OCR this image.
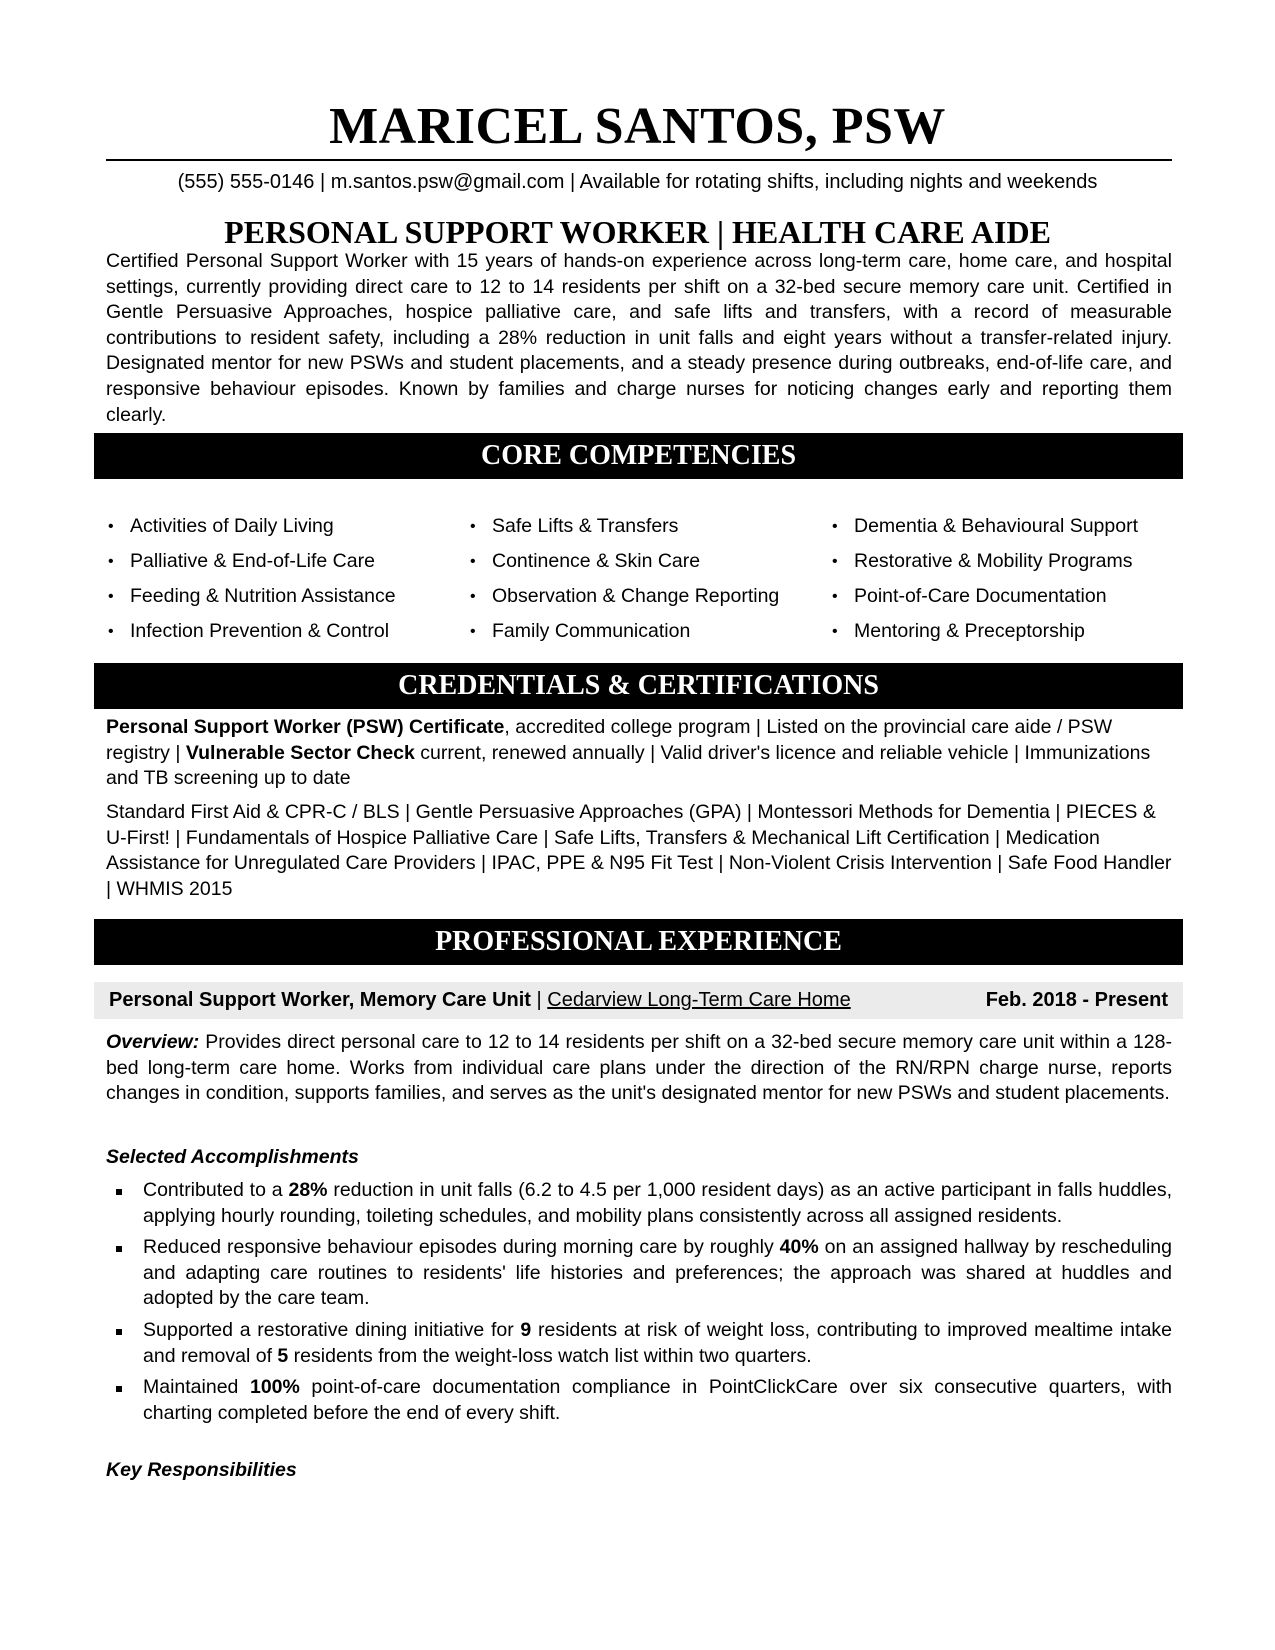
MARICEL SANTOS, PSW
(555) 555-0146 | m.santos.psw@gmail.com | Available for rotating shifts, including nights and weekends
PERSONAL SUPPORT WORKER | HEALTH CARE AIDE

Certified Personal Support Worker with 15 years of hands-on experience across long-term care, home care, and hospital settings, currently providing direct care to 12 to 14 residents per shift on a 32-bed secure memory care unit. Certified in Gentle Persuasive Approaches, hospice palliative care, and safe lifts and transfers, with a record of measurable contributions to resident safety, including a 28% reduction in unit falls and eight years without a transfer-related injury. Designated mentor for new PSWs and student placements, and a steady presence during outbreaks, end-of-life care, and responsive behaviour episodes. Known by families and charge nurses for noticing changes early and reporting them clearly.

CORE COMPETENCIES
• Activities of Daily Living
• Palliative & End-of-Life Care
• Feeding & Nutrition Assistance
• Infection Prevention & Control
• Safe Lifts & Transfers
• Continence & Skin Care
• Observation & Change Reporting
• Family Communication
• Dementia & Behavioural Support
• Restorative & Mobility Programs
• Point-of-Care Documentation
• Mentoring & Preceptorship
CREDENTIALS & CERTIFICATIONS

Personal Support Worker (PSW) Certificate, accredited college program | Listed on the provincial care aide / PSW registry | Vulnerable Sector Check current, renewed annually | Valid driver's licence and reliable vehicle | Immunizations and TB screening up to date

Standard First Aid & CPR-C / BLS | Gentle Persuasive Approaches (GPA) | Montessori Methods for Dementia | PIECES & U-First! | Fundamentals of Hospice Palliative Care | Safe Lifts, Transfers & Mechanical Lift Certification | Medication Assistance for Unregulated Care Providers | IPAC, PPE & N95 Fit Test | Non-Violent Crisis Intervention | Safe Food Handler | WHMIS 2015

PROFESSIONAL EXPERIENCE
Personal Support Worker, Memory Care Unit | Cedarview Long-Term Care Home	Feb. 2018 - Present

Overview: Provides direct personal care to 12 to 14 residents per shift on a 32-bed secure memory care unit within a 128-bed long-term care home. Works from individual care plans under the direction of the RN/RPN charge nurse, reports changes in condition, supports families, and serves as the unit's designated mentor for new PSWs and student placements.

Selected Accomplishments
Contributed to a 28% reduction in unit falls (6.2 to 4.5 per 1,000 resident days) as an active participant in falls huddles, applying hourly rounding, toileting schedules, and mobility plans consistently across all assigned residents.
Reduced responsive behaviour episodes during morning care by roughly 40% on an assigned hallway by rescheduling and adapting care routines to residents' life histories and preferences; the approach was shared at huddles and adopted by the care team.
Supported a restorative dining initiative for 9 residents at risk of weight loss, contributing to improved mealtime intake and removal of 5 residents from the weight-loss watch list within two quarters.
Maintained 100% point-of-care documentation compliance in PointClickCare over six consecutive quarters, with charting completed before the end of every shift.
Key Responsibilities
